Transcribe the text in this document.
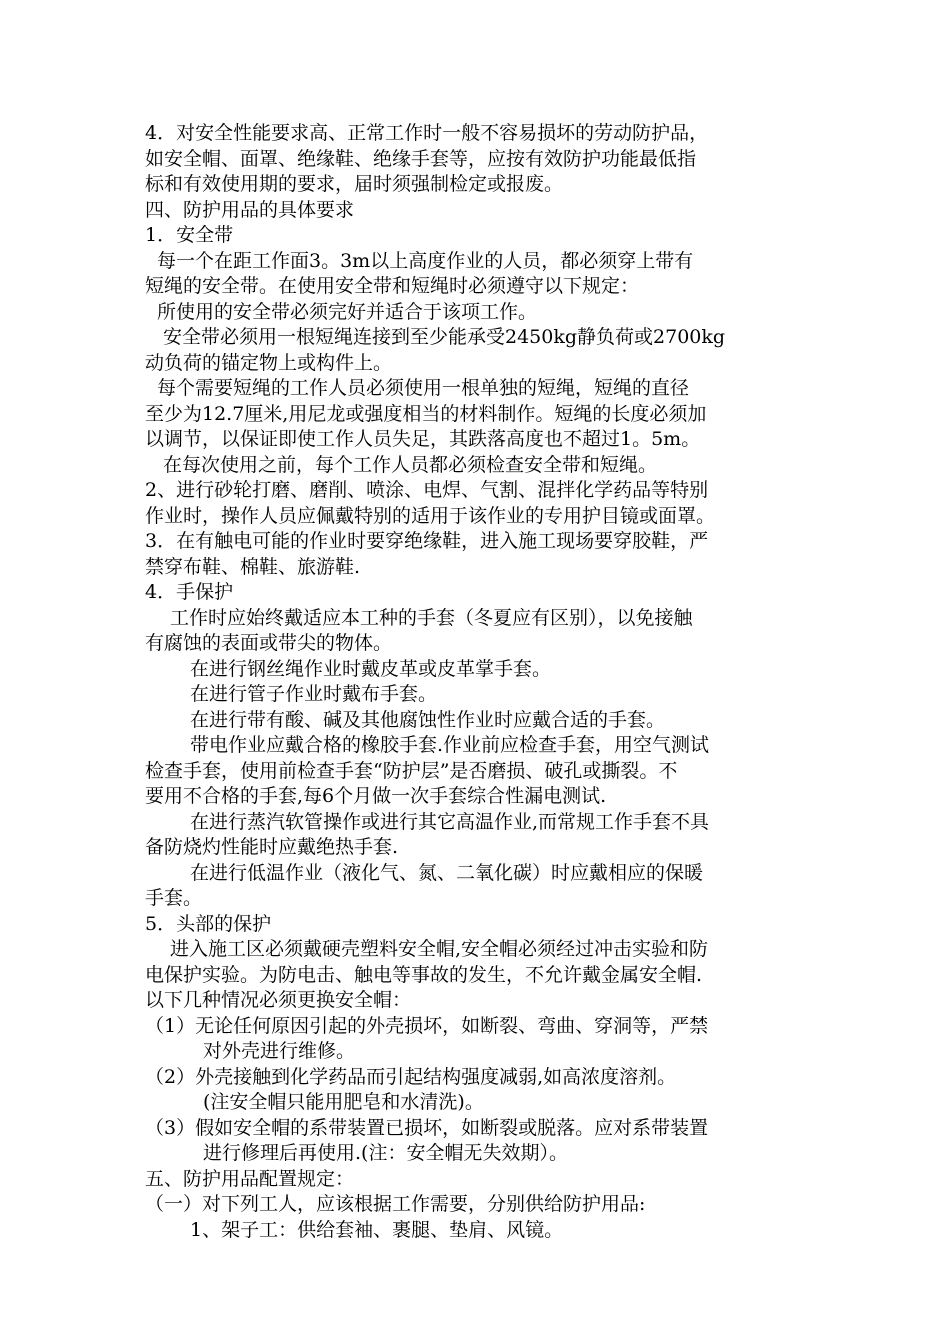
4．对安全性能要求高、正常工作时一般不容易损坏的劳动防护品，

如安全帽、面罩、绝缘鞋、绝缘手套等，应按有效防护功能最低指

标和有效使用期的要求，届时须强制检定或报废。

四、防护用品的具体要求

1．安全带

每一个在距工作面3。3m以上高度作业的人员，都必须穿上带有

短绳的安全带。在使用安全带和短绳时必须遵守以下规定：

所使用的安全带必须完好并适合于该项工作。

安全带必须用一根短绳连接到至少能承受2450kg静负荷或2700kg

动负荷的锚定物上或构件上。

每个需要短绳的工作人员必须使用一根单独的短绳，短绳的直径

至少为12.7厘米,用尼龙或强度相当的材料制作。短绳的长度必须加

以调节，以保证即使工作人员失足，其跌落高度也不超过1。5m。

在每次使用之前，每个工作人员都必须检查安全带和短绳。

2、进行砂轮打磨、磨削、喷涂、电焊、气割、混拌化学药品等特别

作业时，操作人员应佩戴特别的适用于该作业的专用护目镜或面罩。

3．在有触电可能的作业时要穿绝缘鞋，进入施工现场要穿胶鞋，严

禁穿布鞋、棉鞋、旅游鞋.

4．手保护

工作时应始终戴适应本工种的手套（冬夏应有区别），以免接触

有腐蚀的表面或带尖的物体。

在进行钢丝绳作业时戴皮革或皮革掌手套。

在进行管子作业时戴布手套。

在进行带有酸、碱及其他腐蚀性作业时应戴合适的手套。

带电作业应戴合格的橡胶手套.作业前应检查手套，用空气测试

检查手套，使用前检查手套“防护层”是否磨损、破孔或撕裂。不

要用不合格的手套,每6个月做一次手套综合性漏电测试.

在进行蒸汽软管操作或进行其它高温作业,而常规工作手套不具

备防烧灼性能时应戴绝热手套.

在进行低温作业（液化气、氮、二氧化碳）时应戴相应的保暖

手套。

5．头部的保护

进入施工区必须戴硬壳塑料安全帽,安全帽必须经过冲击实验和防

电保护实验。为防电击、触电等事故的发生，不允许戴金属安全帽.

以下几种情况必须更换安全帽：

（1）无论任何原因引起的外壳损坏，如断裂、弯曲、穿洞等，严禁

对外壳进行维修。

（2）外壳接触到化学药品而引起结构强度减弱,如高浓度溶剂。

(注安全帽只能用肥皂和水清洗)。

（3）假如安全帽的系带装置已损坏，如断裂或脱落。应对系带装置

进行修理后再使用.(注：安全帽无失效期）。

五、防护用品配置规定：

（一）对下列工人，应该根据工作需要，分别供给防护用品:

1、架子工：供给套袖、裹腿、垫肩、风镜。
